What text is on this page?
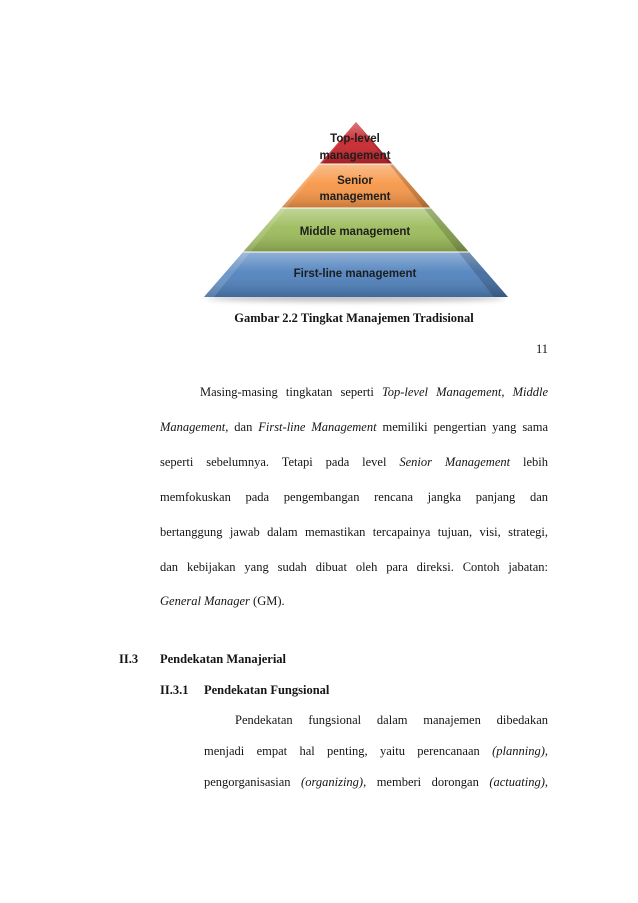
Top-level
management
Senior
management
Middle management
First-line management
Gambar 2.2 Tingkat Manajemen Tradisional
11
Masing-masing tingkatan seperti Top-level Management, Middle
Management, dan First-line Management memiliki pengertian yang sama
seperti sebelumnya. Tetapi pada level Senior Management lebih
memfokuskan pada pengembangan rencana jangka panjang dan
bertanggung jawab dalam memastikan tercapainya tujuan, visi, strategi,
dan kebijakan yang sudah dibuat oleh para direksi. Contoh jabatan:
General Manager (GM).
II.3 Pendekatan Manajerial
II.3.1 Pendekatan Fungsional
Pendekatan fungsional dalam manajemen dibedakan
menjadi empat hal penting, yaitu perencanaan (planning),
pengorganisasian (organizing), memberi dorongan (actuating),
